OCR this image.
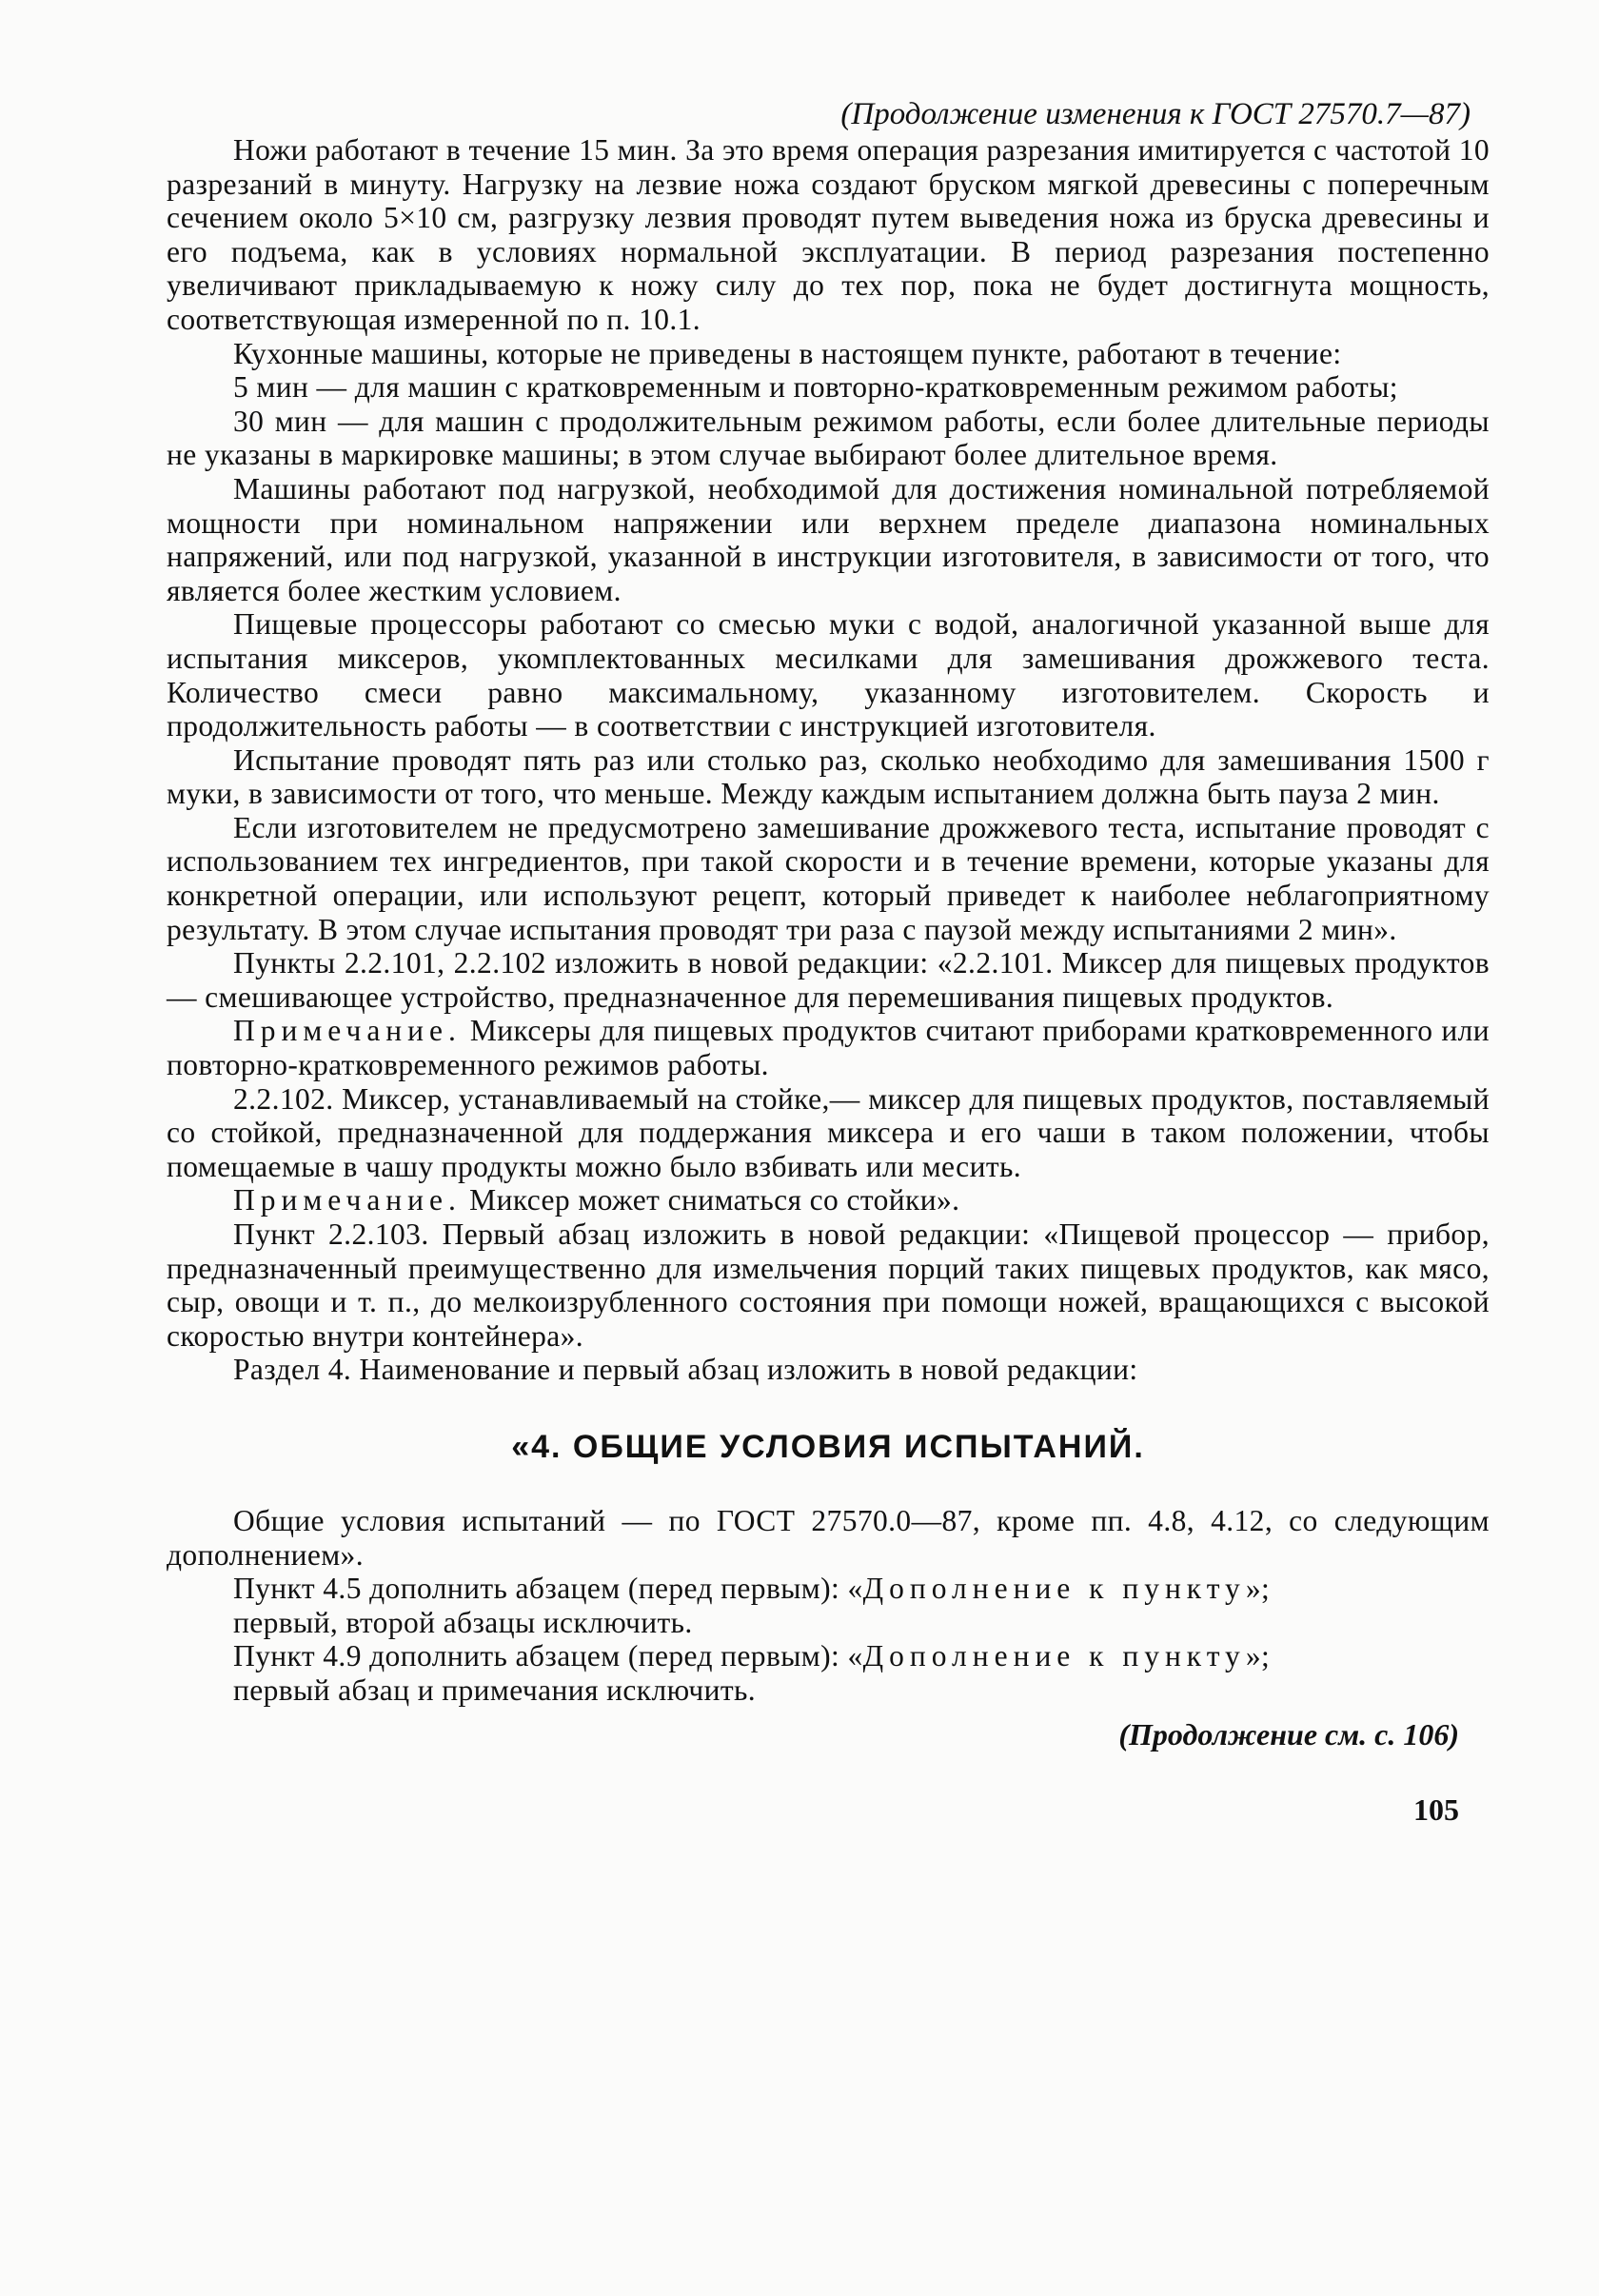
(Продолжение изменения к ГОСТ 27570.7—87)

Ножи работают в течение 15 мин. За это время операция разрезания имитируется с частотой 10 разрезаний в минуту. Нагрузку на лезвие ножа создают бруском мягкой древесины с поперечным сечением около 5×10 см, разгрузку лезвия проводят путем выведения ножа из бруска древесины и его подъема, как в условиях нормальной эксплуатации. В период разрезания постепенно увеличивают прикладываемую к ножу силу до тех пор, пока не будет достигнута мощность, соответствующая измеренной по п. 10.1.

Кухонные машины, которые не приведены в настоящем пункте, работают в течение:

5 мин — для машин с кратковременным и повторно-кратковременным режимом работы;

30 мин — для машин с продолжительным режимом работы, если более длительные периоды не указаны в маркировке машины; в этом случае выбирают более длительное время.

Машины работают под нагрузкой, необходимой для достижения номинальной потребляемой мощности при номинальном напряжении или верхнем пределе диапазона номинальных напряжений, или под нагрузкой, указанной в инструкции изготовителя, в зависимости от того, что является более жестким условием.

Пищевые процессоры работают со смесью муки с водой, аналогичной указанной выше для испытания миксеров, укомплектованных месилками для замешивания дрожжевого теста. Количество смеси равно максимальному, указанному изготовителем. Скорость и продолжительность работы — в соответствии с инструкцией изготовителя.

Испытание проводят пять раз или столько раз, сколько необходимо для замешивания 1500 г муки, в зависимости от того, что меньше. Между каждым испытанием должна быть пауза 2 мин.

Если изготовителем не предусмотрено замешивание дрожжевого теста, испытание проводят с использованием тех ингредиентов, при такой скорости и в течение времени, которые указаны для конкретной операции, или используют рецепт, который приведет к наиболее неблагоприятному результату. В этом случае испытания проводят три раза с паузой между испытаниями 2 мин».

Пункты 2.2.101, 2.2.102 изложить в новой редакции: «2.2.101. Миксер для пищевых продуктов — смешивающее устройство, предназначенное для перемешивания пищевых продуктов.

Примечание. Миксеры для пищевых продуктов считают приборами кратковременного или повторно-кратковременного режимов работы.

2.2.102. Миксер, устанавливаемый на стойке,— миксер для пищевых продуктов, поставляемый со стойкой, предназначенной для поддержания миксера и его чаши в таком положении, чтобы помещаемые в чашу продукты можно было взбивать или месить.

Примечание. Миксер может сниматься со стойки».

Пункт 2.2.103. Первый абзац изложить в новой редакции: «Пищевой процессор — прибор, предназначенный преимущественно для измельчения порций таких пищевых продуктов, как мясо, сыр, овощи и т. п., до мелкоизрубленного состояния при помощи ножей, вращающихся с высокой скоростью внутри контейнера».

Раздел 4. Наименование и первый абзац изложить в новой редакции:

«4. ОБЩИЕ УСЛОВИЯ ИСПЫТАНИЙ.

Общие условия испытаний — по ГОСТ 27570.0—87, кроме пп. 4.8, 4.12, со следующим дополнением».

Пункт 4.5 дополнить абзацем (перед первым): «Дополнение к пункту»;

первый, второй абзацы исключить.

Пункт 4.9 дополнить абзацем (перед первым): «Дополнение к пункту»;

первый абзац и примечания исключить.

(Продолжение см. с. 106)
105
